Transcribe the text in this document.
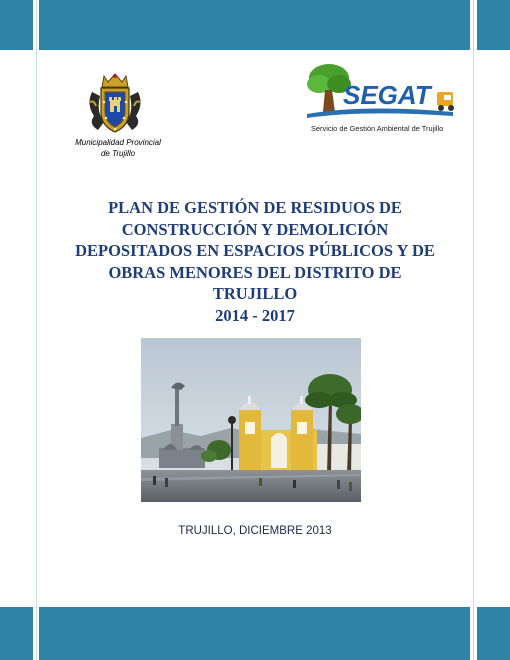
Municipalidad Provincial
de Trujillo
SEGAT
Servicio de Gestión Ambiental de Trujillo
PLAN DE GESTIÓN DE RESIDUOS DE
CONSTRUCCIÓN Y DEMOLICIÓN
DEPOSITADOS EN ESPACIOS PÚBLICOS Y DE
OBRAS MENORES DEL DISTRITO DE
TRUJILLO
2014 - 2017
TRUJILLO, DICIEMBRE 2013
